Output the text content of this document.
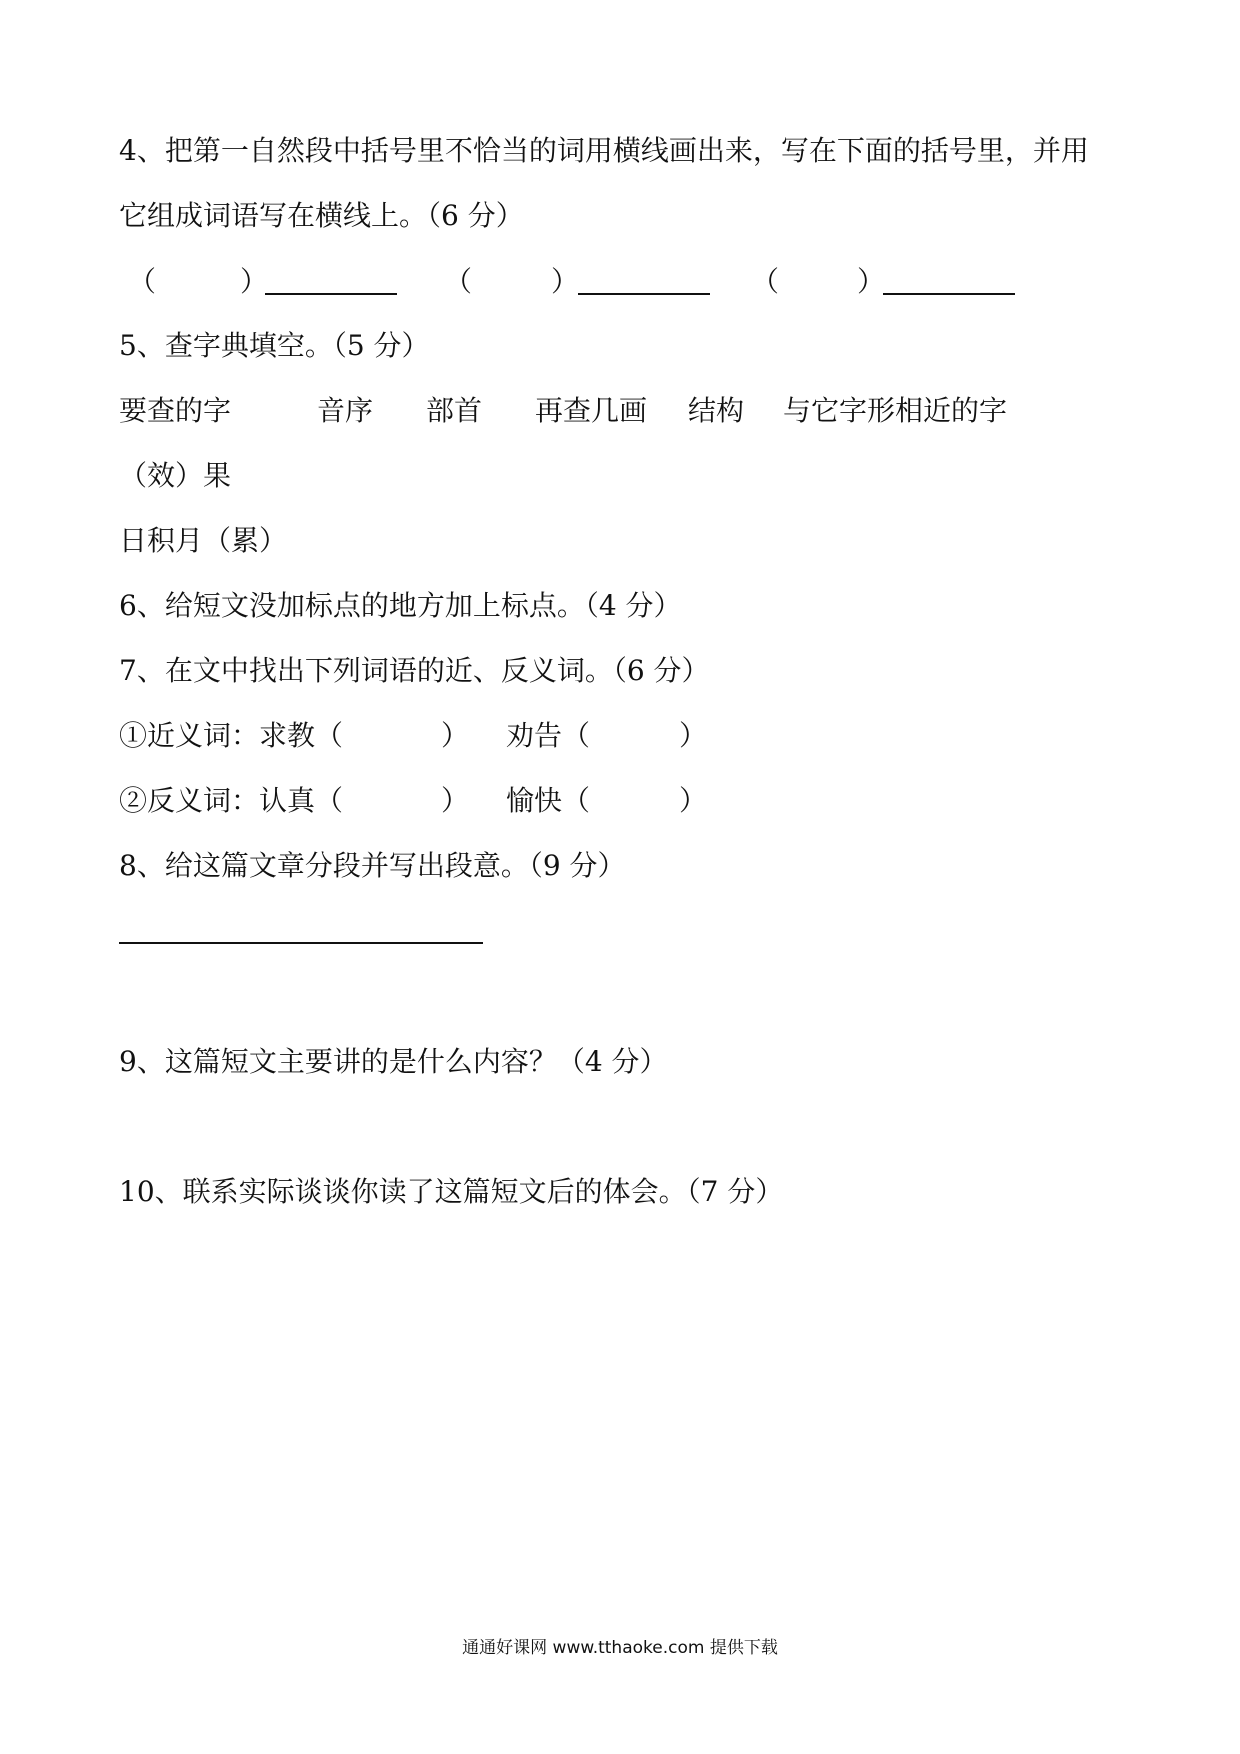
4、把第一自然段中括号里不恰当的词用横线画出来，写在下面的括号里，并用
它组成词语写在横线上。（6 分）
（	）	（	）	（	）
5、查字典填空。（5 分）
要查的字	音序 部首 再查几画 结构 与它字形相近的字
（效）果
日积月（累）
6、给短文没加标点的地方加上标点。（4 分）
7、在文中找出下列词语的近、反义词。（6 分）
①近义词：求教（	） 劝告（	）
②反义词：认真（	） 愉快（	）
8、给这篇文章分段并写出段意。（9 分）
9、这篇短文主要讲的是什么内容？（4 分）
10、联系实际谈谈你读了这篇短文后的体会。（7 分）
通通好课网 www.tthaoke.com 提供下载
